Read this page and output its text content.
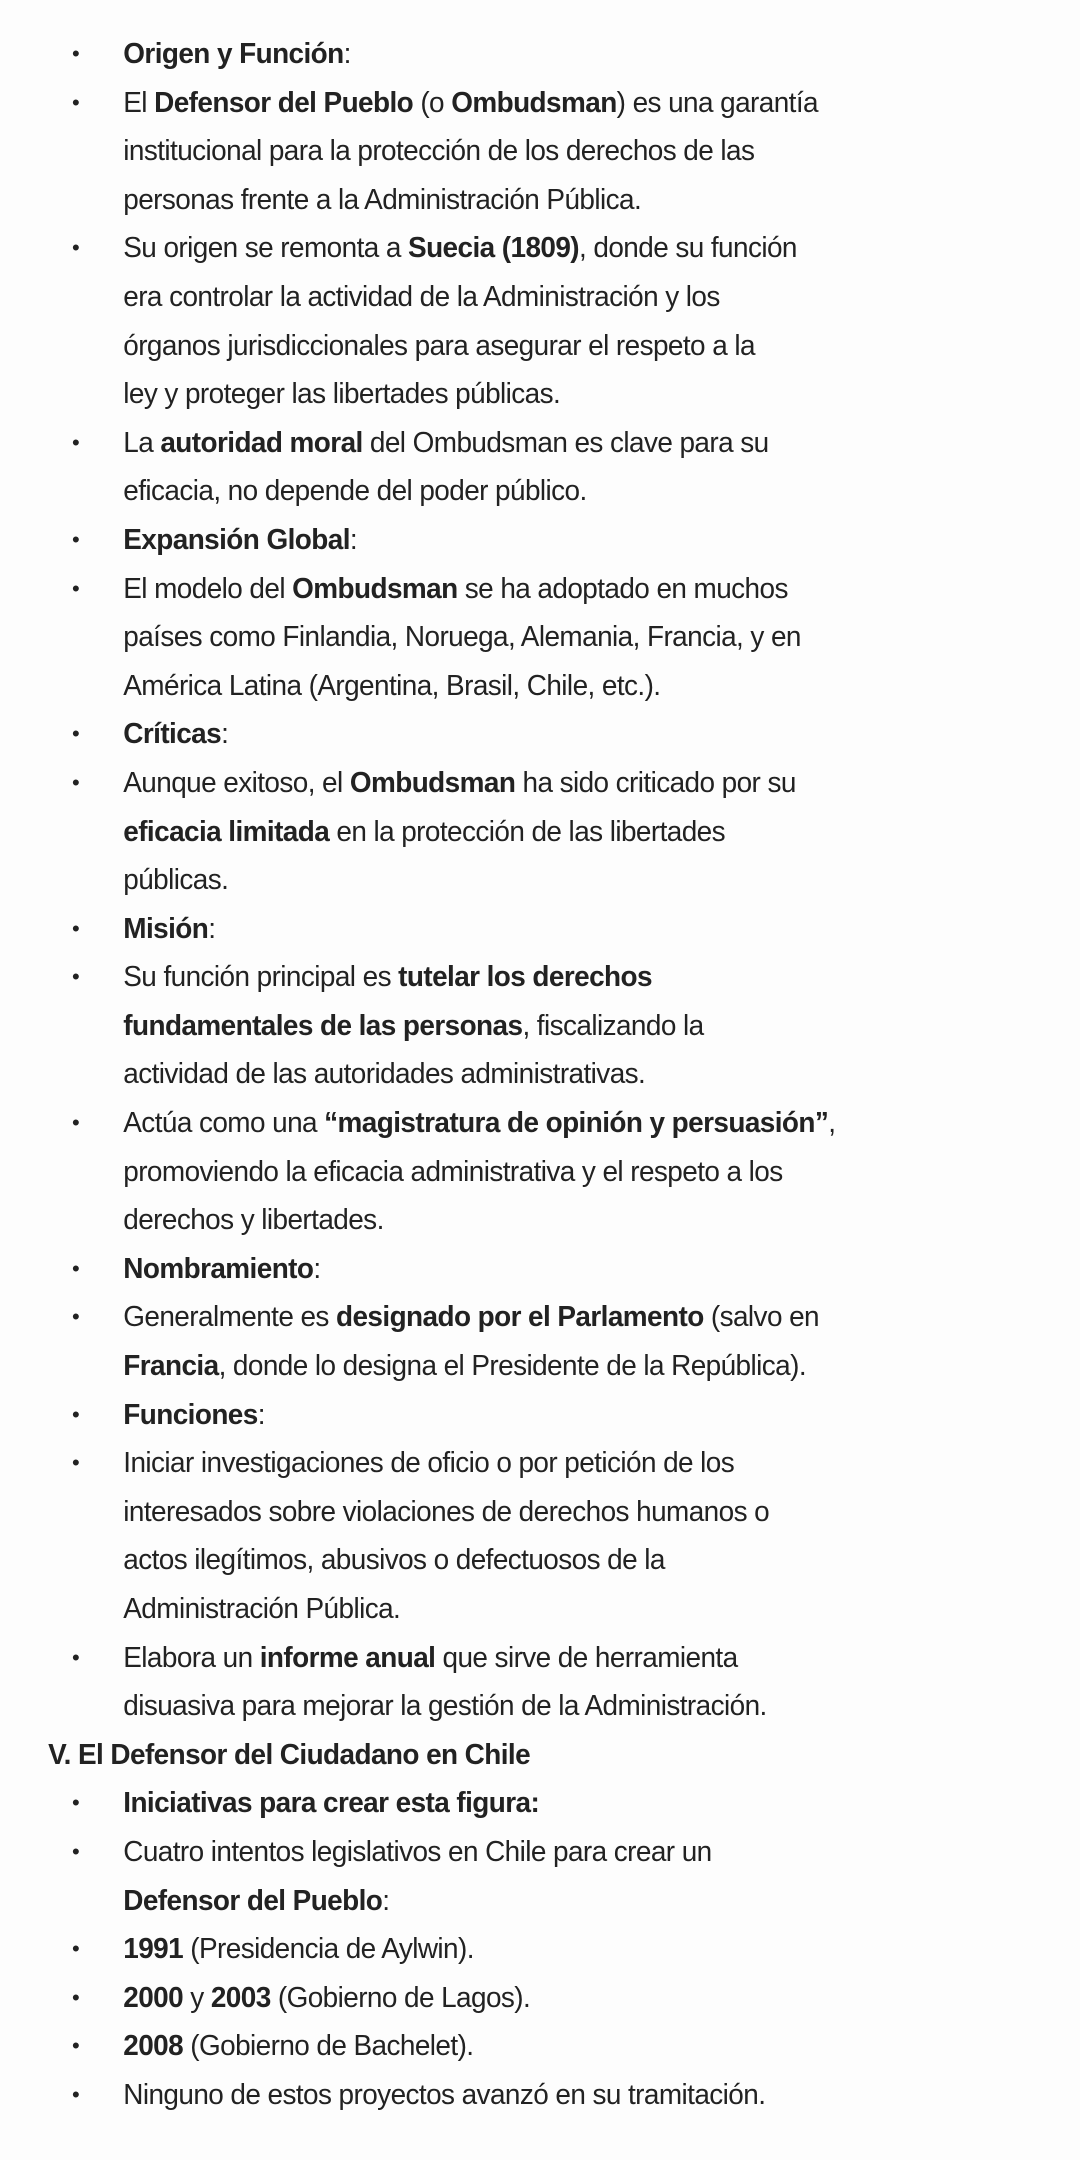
•	Origen y Función:
•	El Defensor del Pueblo (o Ombudsman) es una garantía
institucional para la protección de los derechos de las
personas frente a la Administración Pública.
•	Su origen se remonta a Suecia (1809), donde su función
era controlar la actividad de la Administración y los
órganos jurisdiccionales para asegurar el respeto a la
ley y proteger las libertades públicas.
•	La autoridad moral del Ombudsman es clave para su
eficacia, no depende del poder público.
•	Expansión Global:
•	El modelo del Ombudsman se ha adoptado en muchos
países como Finlandia, Noruega, Alemania, Francia, y en
América Latina (Argentina, Brasil, Chile, etc.).
•	Críticas:
•	Aunque exitoso, el Ombudsman ha sido criticado por su
eficacia limitada en la protección de las libertades
públicas.
•	Misión:
•	Su función principal es tutelar los derechos
fundamentales de las personas, fiscalizando la
actividad de las autoridades administrativas.
•	Actúa como una “magistratura de opinión y persuasión”,
promoviendo la eficacia administrativa y el respeto a los
derechos y libertades.
•	Nombramiento:
•	Generalmente es designado por el Parlamento (salvo en
Francia, donde lo designa el Presidente de la República).
•	Funciones:
•	Iniciar investigaciones de oficio o por petición de los
interesados sobre violaciones de derechos humanos o
actos ilegítimos, abusivos o defectuosos de la
Administración Pública.
•	Elabora un informe anual que sirve de herramienta
disuasiva para mejorar la gestión de la Administración.
V. El Defensor del Ciudadano en Chile
•	Iniciativas para crear esta figura:
•	Cuatro intentos legislativos en Chile para crear un
Defensor del Pueblo:
•	1991 (Presidencia de Aylwin).
•	2000 y 2003 (Gobierno de Lagos).
•	2008 (Gobierno de Bachelet).
•	Ninguno de estos proyectos avanzó en su tramitación.
